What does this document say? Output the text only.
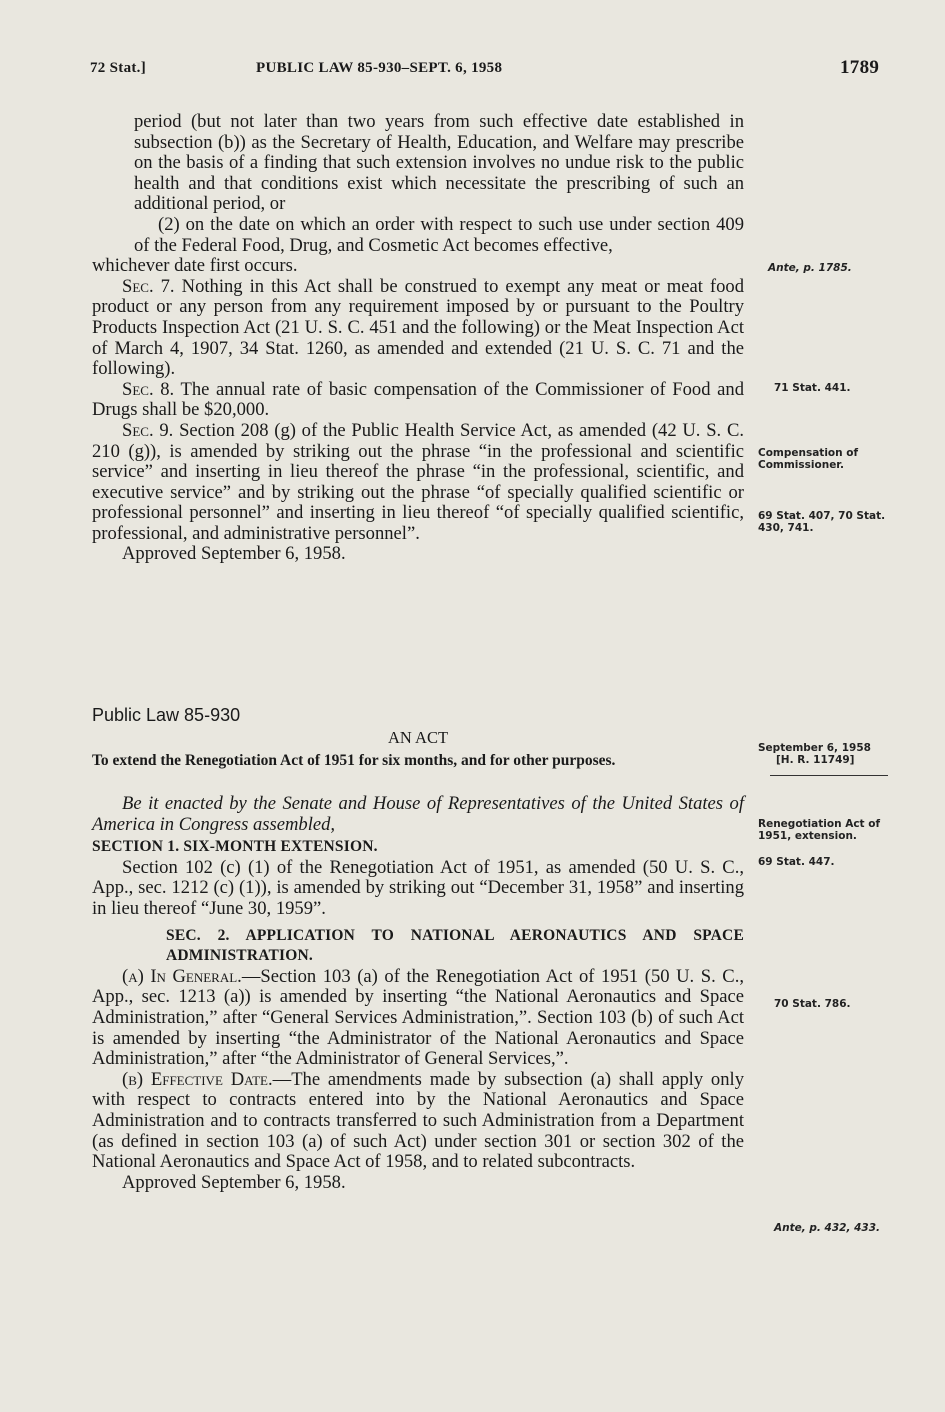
72 Stat.]	PUBLIC LAW 85-930–SEPT. 6, 1958	1789

period (but not later than two years from such effective date established in subsection (b)) as the Secretary of Health, Education, and Welfare may prescribe on the basis of a finding that such extension involves no undue risk to the public health and that conditions exist which necessitate the prescribing of such an additional period, or

(2) on the date on which an order with respect to such use under section 409 of the Federal Food, Drug, and Cosmetic Act becomes effective,

whichever date first occurs.

Sec. 7. Nothing in this Act shall be construed to exempt any meat or meat food product or any person from any requirement imposed by or pursuant to the Poultry Products Inspection Act (21 U. S. C. 451 and the following) or the Meat Inspection Act of March 4, 1907, 34 Stat. 1260, as amended and extended (21 U. S. C. 71 and the following).

Sec. 8. The annual rate of basic compensation of the Commissioner of Food and Drugs shall be $20,000.

Sec. 9. Section 208 (g) of the Public Health Service Act, as amended (42 U. S. C. 210 (g)), is amended by striking out the phrase “in the professional and scientific service” and inserting in lieu thereof the phrase “in the professional, scientific, and executive service” and by striking out the phrase “of specially qualified scientific or professional personnel” and inserting in lieu thereof “of specially qualified scientific, professional, and administrative personnel”.

Approved September 6, 1958.

Ante, p. 1785.
71 Stat. 441.
Compensation of Commissioner.
69 Stat. 407, 70 Stat. 430, 741.
Public Law 85-930
AN ACT
To extend the Renegotiation Act of 1951 for six months, and for other purposes.
September 6, 1958
[H. R. 11749]

Be it enacted by the Senate and House of Representatives of the United States of America in Congress assembled,

SECTION 1. SIX-MONTH EXTENSION.

Section 102 (c) (1) of the Renegotiation Act of 1951, as amended (50 U. S. C., App., sec. 1212 (c) (1)), is amended by striking out “December 31, 1958” and inserting in lieu thereof “June 30, 1959”.

SEC. 2. APPLICATION TO NATIONAL AERONAUTICS AND SPACE ADMINISTRATION.

(a) In General.—Section 103 (a) of the Renegotiation Act of 1951 (50 U. S. C., App., sec. 1213 (a)) is amended by inserting “the National Aeronautics and Space Administration,” after “General Services Administration,”. Section 103 (b) of such Act is amended by inserting “the Administrator of the National Aeronautics and Space Administration,” after “the Administrator of General Services,”.

(b) Effective Date.—The amendments made by subsection (a) shall apply only with respect to contracts entered into by the National Aeronautics and Space Administration and to contracts transferred to such Administration from a Department (as defined in section 103 (a) of such Act) under section 301 or section 302 of the National Aeronautics and Space Act of 1958, and to related subcontracts.

Approved September 6, 1958.

Renegotiation Act of 1951, extension.
69 Stat. 447.
70 Stat. 786.
Ante, p. 432, 433.
